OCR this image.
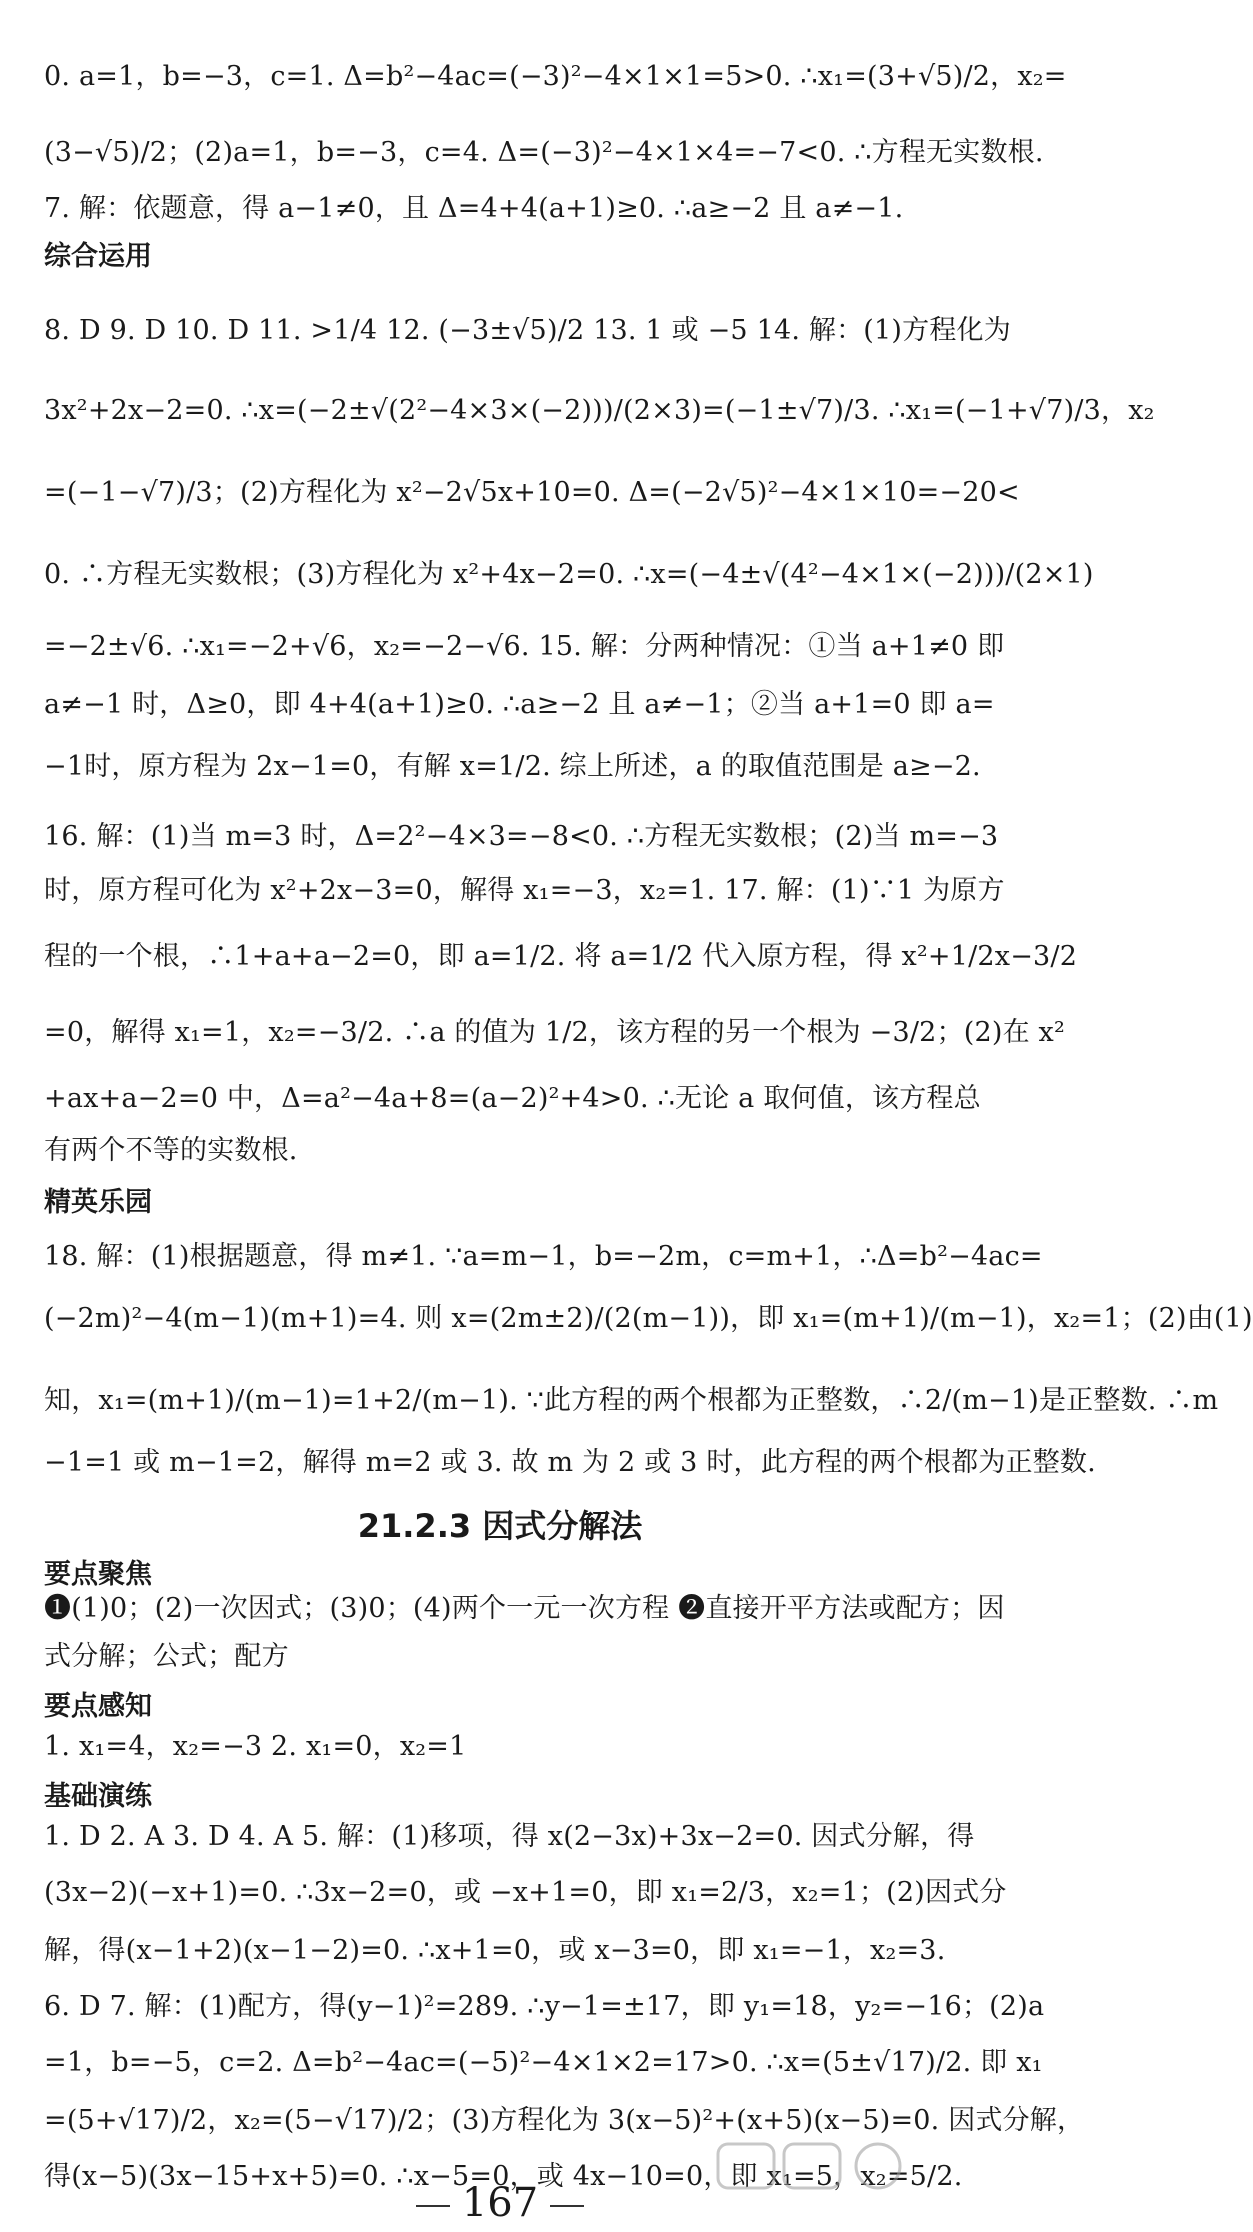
0. a=1，b=−3，c=1. Δ=b²−4ac=(−3)²−4×1×1=5>0. ∴x₁=(3+√5)/2，x₂=
(3−√5)/2；(2)a=1，b=−3，c=4. Δ=(−3)²−4×1×4=−7<0. ∴方程无实数根.
7. 解：依题意，得 a−1≠0，且 Δ=4+4(a+1)≥0. ∴a≥−2 且 a≠−1.
综合运用
8. D 9. D 10. D 11. >1/4 12. (−3±√5)/2 13. 1 或 −5 14. 解：(1)方程化为
3x²+2x−2=0. ∴x=(−2±√(2²−4×3×(−2)))/(2×3)=(−1±√7)/3. ∴x₁=(−1+√7)/3，x₂
=(−1−√7)/3；(2)方程化为 x²−2√5x+10=0. Δ=(−2√5)²−4×1×10=−20<
0. ∴方程无实数根；(3)方程化为 x²+4x−2=0. ∴x=(−4±√(4²−4×1×(−2)))/(2×1)
=−2±√6. ∴x₁=−2+√6，x₂=−2−√6. 15. 解：分两种情况：①当 a+1≠0 即
a≠−1 时，Δ≥0，即 4+4(a+1)≥0. ∴a≥−2 且 a≠−1；②当 a+1=0 即 a=
−1时，原方程为 2x−1=0，有解 x=1/2. 综上所述，a 的取值范围是 a≥−2.
16. 解：(1)当 m=3 时，Δ=2²−4×3=−8<0. ∴方程无实数根；(2)当 m=−3
时，原方程可化为 x²+2x−3=0，解得 x₁=−3，x₂=1. 17. 解：(1)∵1 为原方
程的一个根，∴1+a+a−2=0，即 a=1/2. 将 a=1/2 代入原方程，得 x²+1/2x−3/2
=0，解得 x₁=1，x₂=−3/2. ∴a 的值为 1/2，该方程的另一个根为 −3/2；(2)在 x²
+ax+a−2=0 中，Δ=a²−4a+8=(a−2)²+4>0. ∴无论 a 取何值，该方程总
有两个不等的实数根.
精英乐园
18. 解：(1)根据题意，得 m≠1. ∵a=m−1，b=−2m，c=m+1，∴Δ=b²−4ac=
(−2m)²−4(m−1)(m+1)=4. 则 x=(2m±2)/(2(m−1))，即 x₁=(m+1)/(m−1)，x₂=1；(2)由(1)
知，x₁=(m+1)/(m−1)=1+2/(m−1). ∵此方程的两个根都为正整数，∴2/(m−1)是正整数. ∴m
−1=1 或 m−1=2，解得 m=2 或 3. 故 m 为 2 或 3 时，此方程的两个根都为正整数.
21.2.3 因式分解法
要点聚焦
❶(1)0；(2)一次因式；(3)0；(4)两个一元一次方程 ❷直接开平方法或配方；因
式分解；公式；配方
要点感知
1. x₁=4，x₂=−3 2. x₁=0，x₂=1
基础演练
1. D 2. A 3. D 4. A 5. 解：(1)移项，得 x(2−3x)+3x−2=0. 因式分解，得
(3x−2)(−x+1)=0. ∴3x−2=0，或 −x+1=0，即 x₁=2/3，x₂=1；(2)因式分
解，得(x−1+2)(x−1−2)=0. ∴x+1=0，或 x−3=0，即 x₁=−1，x₂=3.
6. D 7. 解：(1)配方，得(y−1)²=289. ∴y−1=±17，即 y₁=18，y₂=−16；(2)a
=1，b=−5，c=2. Δ=b²−4ac=(−5)²−4×1×2=17>0. ∴x=(5±√17)/2. 即 x₁
=(5+√17)/2，x₂=(5−√17)/2；(3)方程化为 3(x−5)²+(x+5)(x−5)=0. 因式分解，
得(x−5)(3x−15+x+5)=0. ∴x−5=0，或 4x−10=0，即 x₁=5，x₂=5/2.
167
